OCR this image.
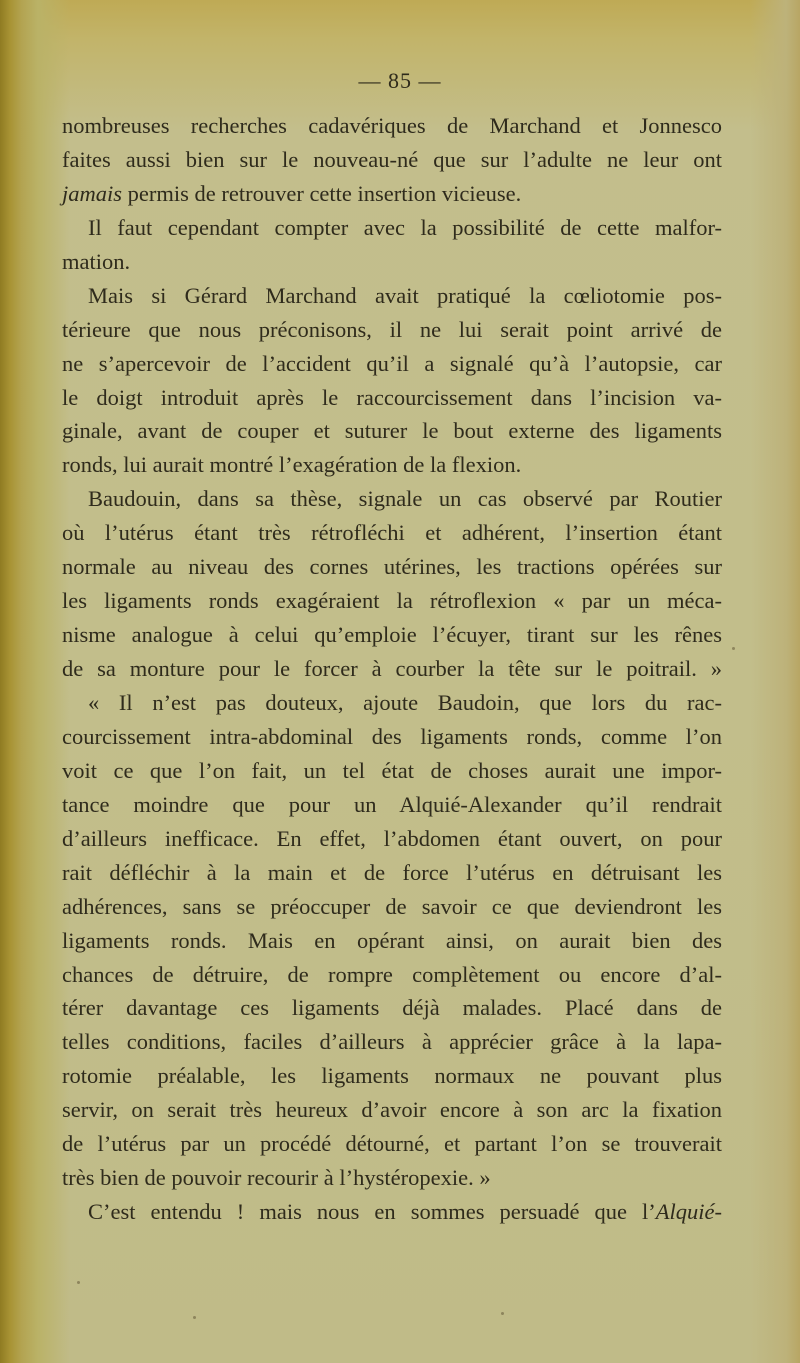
— 85 —
nombreuses recherches cadavériques de Marchand et Jonnesco
faites aussi bien sur le nouveau-né que sur l’adulte ne leur ont
jamais permis de retrouver cette insertion vicieuse.
Il faut cependant compter avec la possibilité de cette malfor-
mation.
Mais si Gérard Marchand avait pratiqué la cœliotomie pos-
térieure que nous préconisons, il ne lui serait point arrivé de
ne s’apercevoir de l’accident qu’il a signalé qu’à l’autopsie, car
le doigt introduit après le raccourcissement dans l’incision va-
ginale, avant de couper et suturer le bout externe des ligaments
ronds, lui aurait montré l’exagération de la flexion.
Baudouin, dans sa thèse, signale un cas observé par Routier
où l’utérus étant très rétrofléchi et adhérent, l’insertion étant
normale au niveau des cornes utérines, les tractions opérées sur
les ligaments ronds exagéraient la rétroflexion « par un méca-
nisme analogue à celui qu’emploie l’écuyer, tirant sur les rênes
de sa monture pour le forcer à courber la tête sur le poitrail. »
« Il n’est pas douteux, ajoute Baudoin, que lors du rac-
courcissement intra-abdominal des ligaments ronds, comme l’on
voit ce que l’on fait, un tel état de choses aurait une impor-
tance moindre que pour un Alquié-Alexander qu’il rendrait
d’ailleurs inefficace. En effet, l’abdomen étant ouvert, on pour
rait défléchir à la main et de force l’utérus en détruisant les
adhérences, sans se préoccuper de savoir ce que deviendront les
ligaments ronds. Mais en opérant ainsi, on aurait bien des
chances de détruire, de rompre complètement ou encore d’al-
térer davantage ces ligaments déjà malades. Placé dans de
telles conditions, faciles d’ailleurs à apprécier grâce à la lapa-
rotomie préalable, les ligaments normaux ne pouvant plus
servir, on serait très heureux d’avoir encore à son arc la fixation
de l’utérus par un procédé détourné, et partant l’on se trouverait
très bien de pouvoir recourir à l’hystéropexie. »
C’est entendu ! mais nous en sommes persuadé que l’Alquié-
